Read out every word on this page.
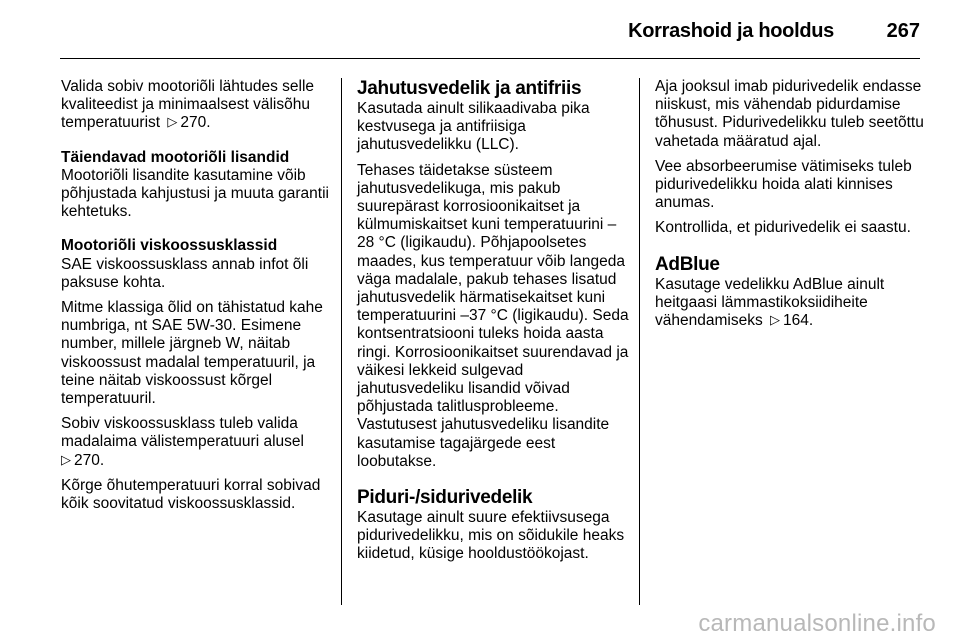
Korrashoid ja hooldus	267

Valida sobiv mootoriõli lähtudes selle kvaliteedist ja minimaalsest välisõhu temperatuurist ▷ 270.

Täiendavad mootoriõli lisandid

Mootoriõli lisandite kasutamine võib põhjustada kahjustusi ja muuta garantii kehtetuks.

Mootoriõli viskoossusklassid

SAE viskoossusklass annab infot õli paksuse kohta.

Mitme klassiga õlid on tähistatud kahe numbriga, nt SAE 5W-30. Esimene number, millele järgneb W, näitab viskoossust madalal temperatuuril, ja teine näitab viskoossust kõrgel temperatuuril.

Sobiv viskoossusklass tuleb valida madalaima välistemperatuuri alusel
▷ 270.

Kõrge õhutemperatuuri korral sobivad kõik soovitatud viskoossusklassid.

Jahutusvedelik ja antifriis

Kasutada ainult silikaadivaba pika kestvusega ja antifriisiga jahutusvedelikku (LLC).

Tehases täidetakse süsteem jahutusvedelikuga, mis pakub suurepärast korrosioonikaitset ja külmumiskaitset kuni temperatuurini ‒28 °C (ligikaudu). Põhjapoolsetes maades, kus temperatuur võib langeda väga madalale, pakub tehases lisatud jahutusvedelik härmatisekaitset kuni temperatuurini ‒37 °C (ligikaudu). Seda kontsentratsiooni tuleks hoida aasta ringi. Korrosioonikaitset suurendavad ja väikesi lekkeid sulgevad jahutusvedeliku lisandid võivad põhjustada talitlusprobleeme. Vastutusest jahutusvedeliku lisandite kasutamise tagajärgede eest loobutakse.

Piduri-/sidurivedelik

Kasutage ainult suure efektiivsusega pidurivedelikku, mis on sõidukile heaks kiidetud, küsige hooldustöökojast.

Aja jooksul imab pidurivedelik endasse niiskust, mis vähendab pidurdamise tõhusust. Pidurivedelikku tuleb seetõttu vahetada määratud ajal.

Vee absorbeerumise vätimiseks tuleb pidurivedelikku hoida alati kinnises anumas.

Kontrollida, et pidurivedelik ei saastu.

AdBlue

Kasutage vedelikku AdBlue ainult heitgaasi lämmastikoksiidiheite vähendamiseks ▷ 164.

carmanualsonline.info
